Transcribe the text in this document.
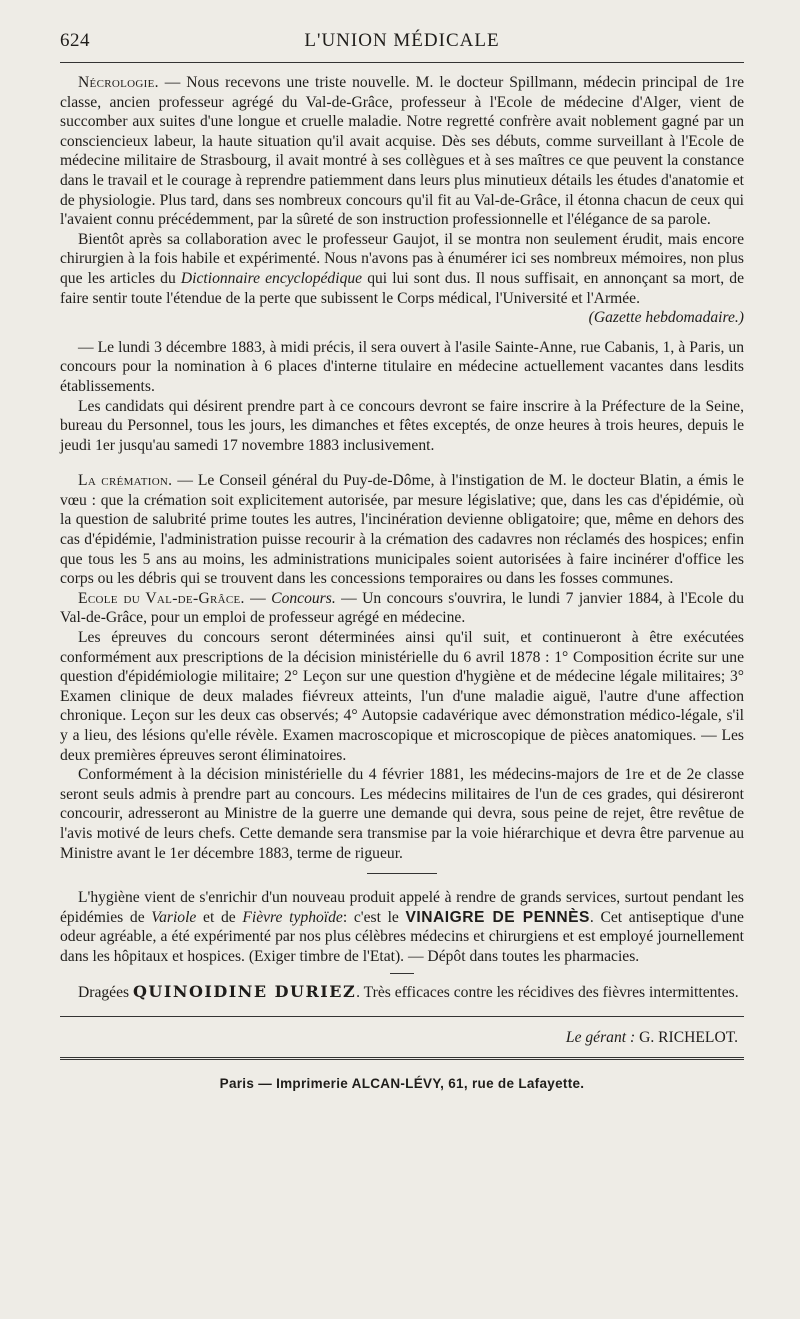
624	L'UNION MÉDICALE

Nécrologie. — Nous recevons une triste nouvelle. M. le docteur Spillmann, médecin principal de 1re classe, ancien professeur agrégé du Val-de-Grâce, professeur à l'Ecole de médecine d'Alger, vient de succomber aux suites d'une longue et cruelle maladie. Notre regretté confrère avait noblement gagné par un consciencieux labeur, la haute situation qu'il avait acquise. Dès ses débuts, comme surveillant à l'Ecole de médecine militaire de Strasbourg, il avait montré à ses collègues et à ses maîtres ce que peuvent la constance dans le travail et le courage à reprendre patiemment dans leurs plus minutieux détails les études d'anatomie et de physiologie. Plus tard, dans ses nombreux concours qu'il fit au Val-de-Grâce, il étonna chacun de ceux qui l'avaient connu précédemment, par la sûreté de son instruction professionnelle et l'élégance de sa parole.

Bientôt après sa collaboration avec le professeur Gaujot, il se montra non seulement érudit, mais encore chirurgien à la fois habile et expérimenté. Nous n'avons pas à énumérer ici ses nombreux mémoires, non plus que les articles du Dictionnaire encyclopédique qui lui sont dus. Il nous suffisait, en annonçant sa mort, de faire sentir toute l'étendue de la perte que subissent le Corps médical, l'Université et l'Armée.

(Gazette hebdomadaire.)

— Le lundi 3 décembre 1883, à midi précis, il sera ouvert à l'asile Sainte-Anne, rue Cabanis, 1, à Paris, un concours pour la nomination à 6 places d'interne titulaire en médecine actuellement vacantes dans lesdits établissements.

Les candidats qui désirent prendre part à ce concours devront se faire inscrire à la Préfecture de la Seine, bureau du Personnel, tous les jours, les dimanches et fêtes exceptés, de onze heures à trois heures, depuis le jeudi 1er jusqu'au samedi 17 novembre 1883 inclusivement.

La crémation. — Le Conseil général du Puy-de-Dôme, à l'instigation de M. le docteur Blatin, a émis le vœu : que la crémation soit explicitement autorisée, par mesure législative; que, dans les cas d'épidémie, où la question de salubrité prime toutes les autres, l'incinération devienne obligatoire; que, même en dehors des cas d'épidémie, l'administration puisse recourir à la crémation des cadavres non réclamés des hospices; enfin que tous les 5 ans au moins, les administrations municipales soient autorisées à faire incinérer d'office les corps ou les débris qui se trouvent dans les concessions temporaires ou dans les fosses communes.

Ecole du Val-de-Grâce. — Concours. — Un concours s'ouvrira, le lundi 7 janvier 1884, à l'Ecole du Val-de-Grâce, pour un emploi de professeur agrégé en médecine.

Les épreuves du concours seront déterminées ainsi qu'il suit, et continueront à être exécutées conformément aux prescriptions de la décision ministérielle du 6 avril 1878 : 1° Composition écrite sur une question d'épidémiologie militaire; 2° Leçon sur une question d'hygiène et de médecine légale militaires; 3° Examen clinique de deux malades fiévreux atteints, l'un d'une maladie aiguë, l'autre d'une affection chronique. Leçon sur les deux cas observés; 4° Autopsie cadavérique avec démonstration médico-légale, s'il y a lieu, des lésions qu'elle révèle. Examen macroscopique et microscopique de pièces anatomiques. — Les deux premières épreuves seront éliminatoires.

Conformément à la décision ministérielle du 4 février 1881, les médecins-majors de 1re et de 2e classe seront seuls admis à prendre part au concours. Les médecins militaires de l'un de ces grades, qui désireront concourir, adresseront au Ministre de la guerre une demande qui devra, sous peine de rejet, être revêtue de l'avis motivé de leurs chefs. Cette demande sera transmise par la voie hiérarchique et devra être parvenue au Ministre avant le 1er décembre 1883, terme de rigueur.

L'hygiène vient de s'enrichir d'un nouveau produit appelé à rendre de grands services, surtout pendant les épidémies de Variole et de Fièvre typhoïde: c'est le VINAIGRE DE PENNÈS. Cet antiseptique d'une odeur agréable, a été expérimenté par nos plus célèbres médecins et chirurgiens et est employé journellement dans les hôpitaux et hospices. (Exiger timbre de l'Etat). — Dépôt dans toutes les pharmacies.

Dragées QUINOIDINE DURIEZ. Très efficaces contre les récidives des fièvres intermittentes.

Le gérant : G. RICHELOT.
Paris — Imprimerie ALCAN-LÉVY, 61, rue de Lafayette.
